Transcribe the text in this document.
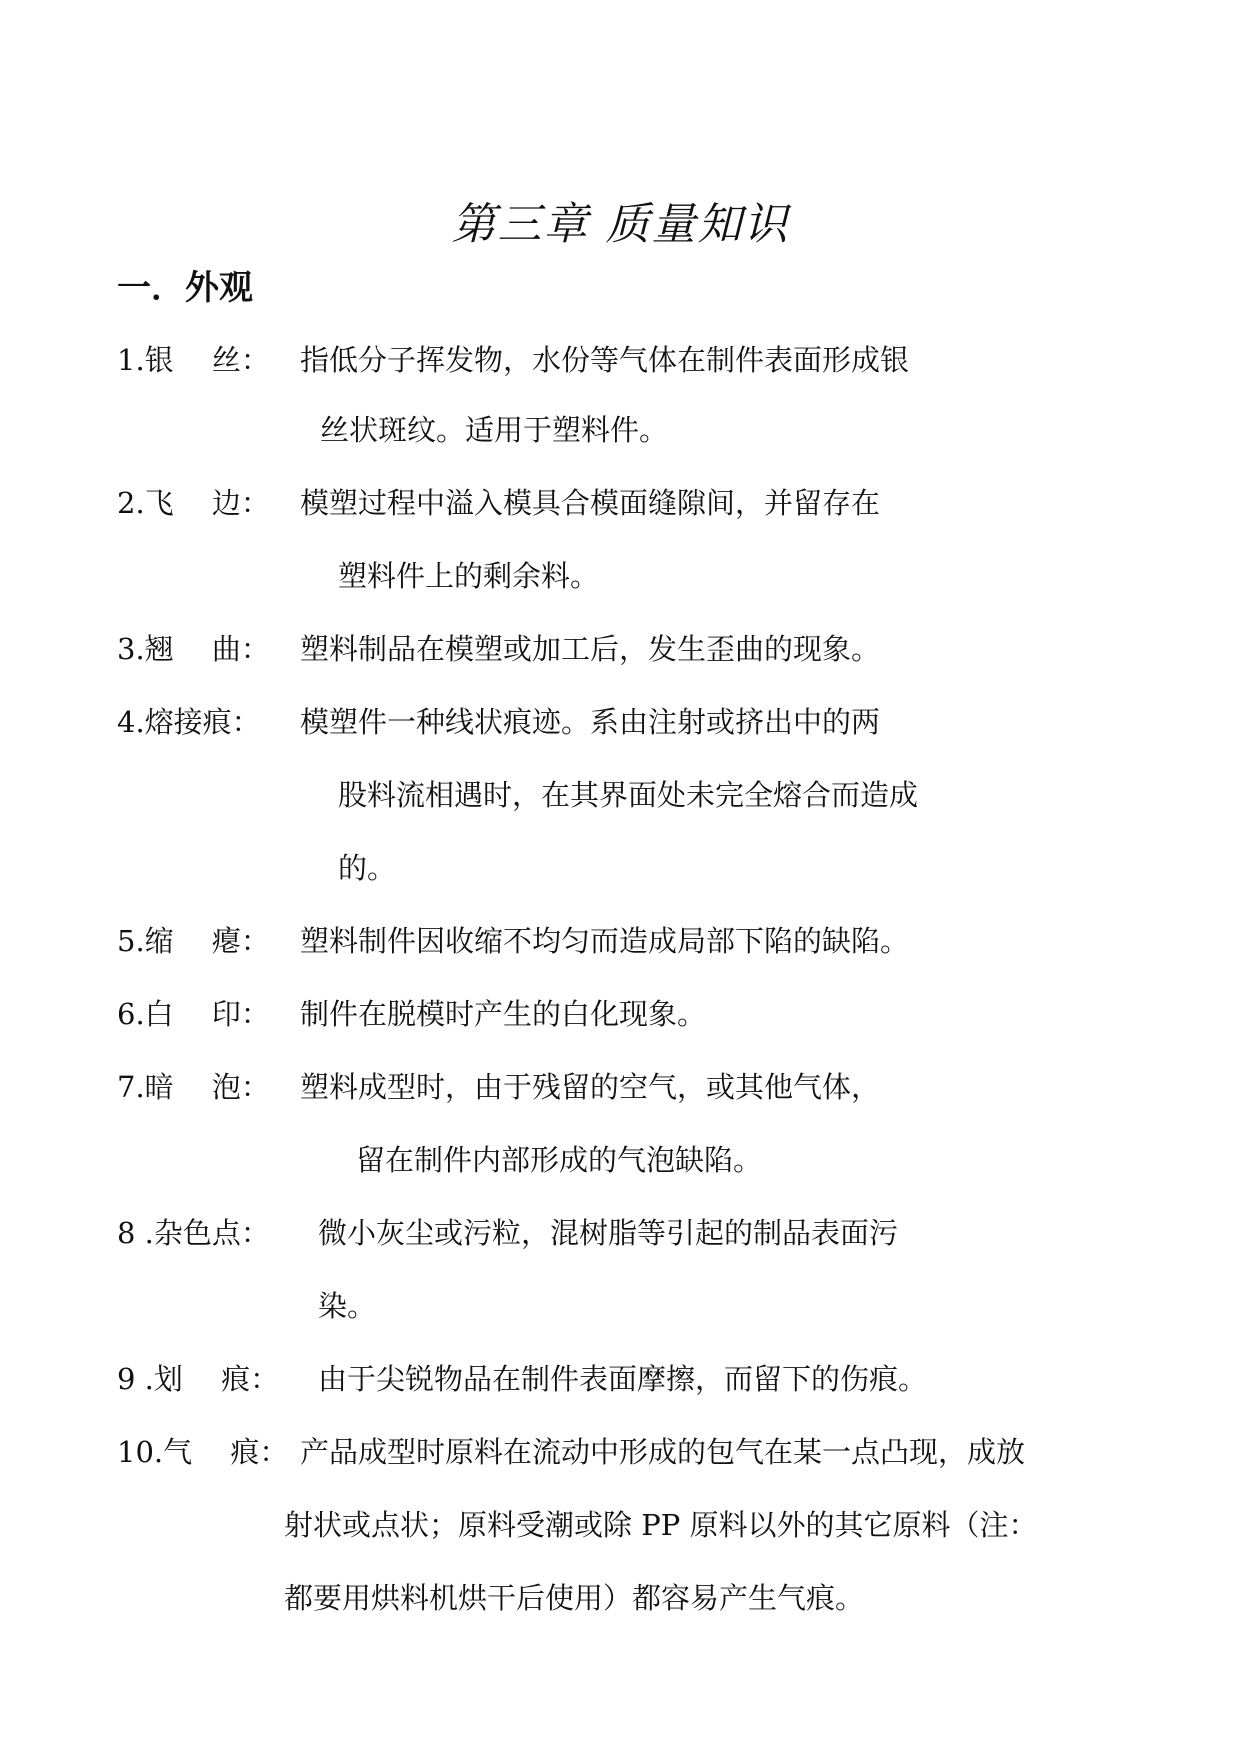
第三章 质量知识
一．外观
1.银　 丝： 指低分子挥发物，水份等气体在制件表面形成银

丝状斑纹。适用于塑料件。

2.飞　 边： 模塑过程中溢入模具合模面缝隙间，并留存在

塑料件上的剩余料。

3.翘　 曲： 塑料制品在模塑或加工后，发生歪曲的现象。

4.熔接痕： 模塑件一种线状痕迹。系由注射或挤出中的两

股料流相遇时，在其界面处未完全熔合而造成

的。

5.缩　 瘪： 塑料制件因收缩不均匀而造成局部下陷的缺陷。

6.白　 印： 制件在脱模时产生的白化现象。

7.暗　 泡： 塑料成型时，由于残留的空气，或其他气体，

留在制件内部形成的气泡缺陷。

8 .杂色点： 微小灰尘或污粒，混树脂等引起的制品表面污

染。

9 .划　 痕： 由于尖锐物品在制件表面摩擦，而留下的伤痕。

10.气　 痕： 产品成型时原料在流动中形成的包气在某一点凸现，成放

射状或点状；原料受潮或除 PP 原料以外的其它原料（注：

都要用烘料机烘干后使用）都容易产生气痕。
